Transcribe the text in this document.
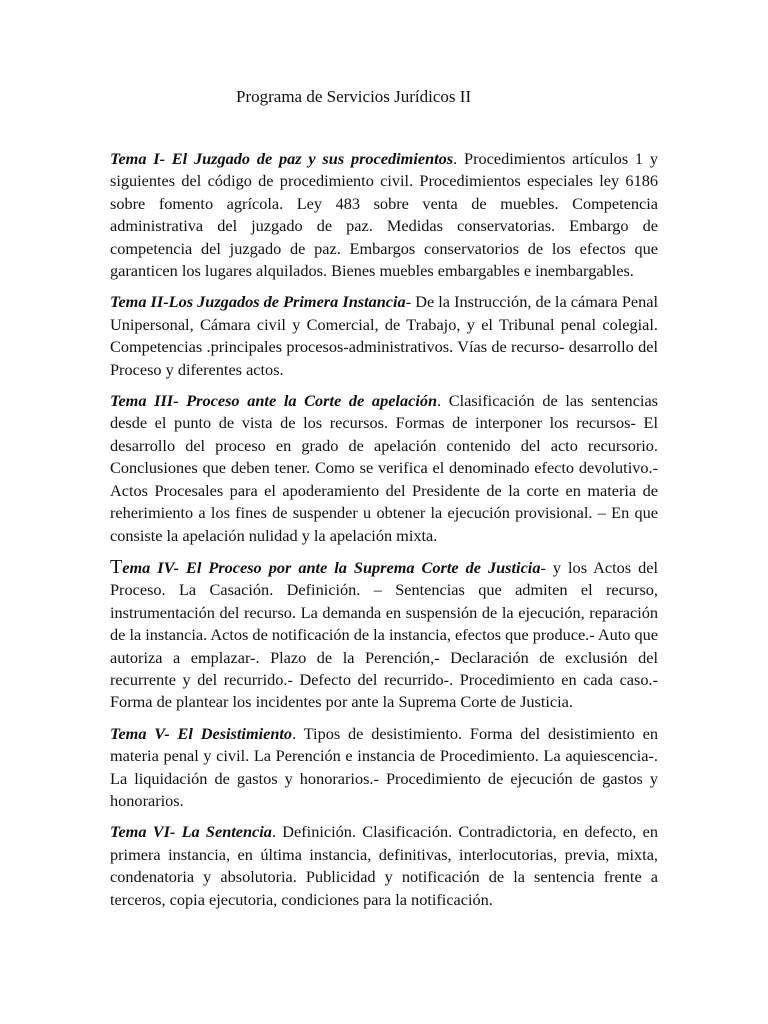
Programa de Servicios Jurídicos II

Tema I- El Juzgado de paz y sus procedimientos. Procedimientos artículos 1 y siguientes del código de procedimiento civil. Procedimientos especiales ley 6186 sobre fomento agrícola. Ley 483 sobre venta de muebles. Competencia administrativa del juzgado de paz. Medidas conservatorias. Embargo de competencia del juzgado de paz. Embargos conservatorios de los efectos que garanticen los lugares alquilados. Bienes muebles embargables e inembargables.

Tema II-Los Juzgados de Primera Instancia- De la Instrucción, de la cámara Penal Unipersonal, Cámara civil y Comercial, de Trabajo, y el Tribunal penal colegial. Competencias .principales procesos-administrativos. Vías de recurso- desarrollo del Proceso y diferentes actos.

Tema III- Proceso ante la Corte de apelación. Clasificación de las sentencias desde el punto de vista de los recursos. Formas de interponer los recursos- El desarrollo del proceso en grado de apelación contenido del acto recursorio. Conclusiones que deben tener. Como se verifica el denominado efecto devolutivo.- Actos Procesales para el apoderamiento del Presidente de la corte en materia de reherimiento a los fines de suspender u obtener la ejecución provisional. – En que consiste la apelación nulidad y la apelación mixta.

Tema IV- El Proceso por ante la Suprema Corte de Justicia- y los Actos del Proceso. La Casación. Definición. – Sentencias que admiten el recurso, instrumentación del recurso. La demanda en suspensión de la ejecución, reparación de la instancia. Actos de notificación de la instancia, efectos que produce.- Auto que autoriza a emplazar-. Plazo de la Perención,- Declaración de exclusión del recurrente y del recurrido.- Defecto del recurrido-. Procedimiento en cada caso.- Forma de plantear los incidentes por ante la Suprema Corte de Justicia.

Tema V- El Desistimiento. Tipos de desistimiento. Forma del desistimiento en materia penal y civil. La Perención e instancia de Procedimiento. La aquiescencia-. La liquidación de gastos y honorarios.- Procedimiento de ejecución de gastos y honorarios.

Tema VI- La Sentencia. Definición. Clasificación. Contradictoria, en defecto, en primera instancia, en última instancia, definitivas, interlocutorias, previa, mixta, condenatoria y absolutoria. Publicidad y notificación de la sentencia frente a terceros, copia ejecutoria, condiciones para la notificación.
